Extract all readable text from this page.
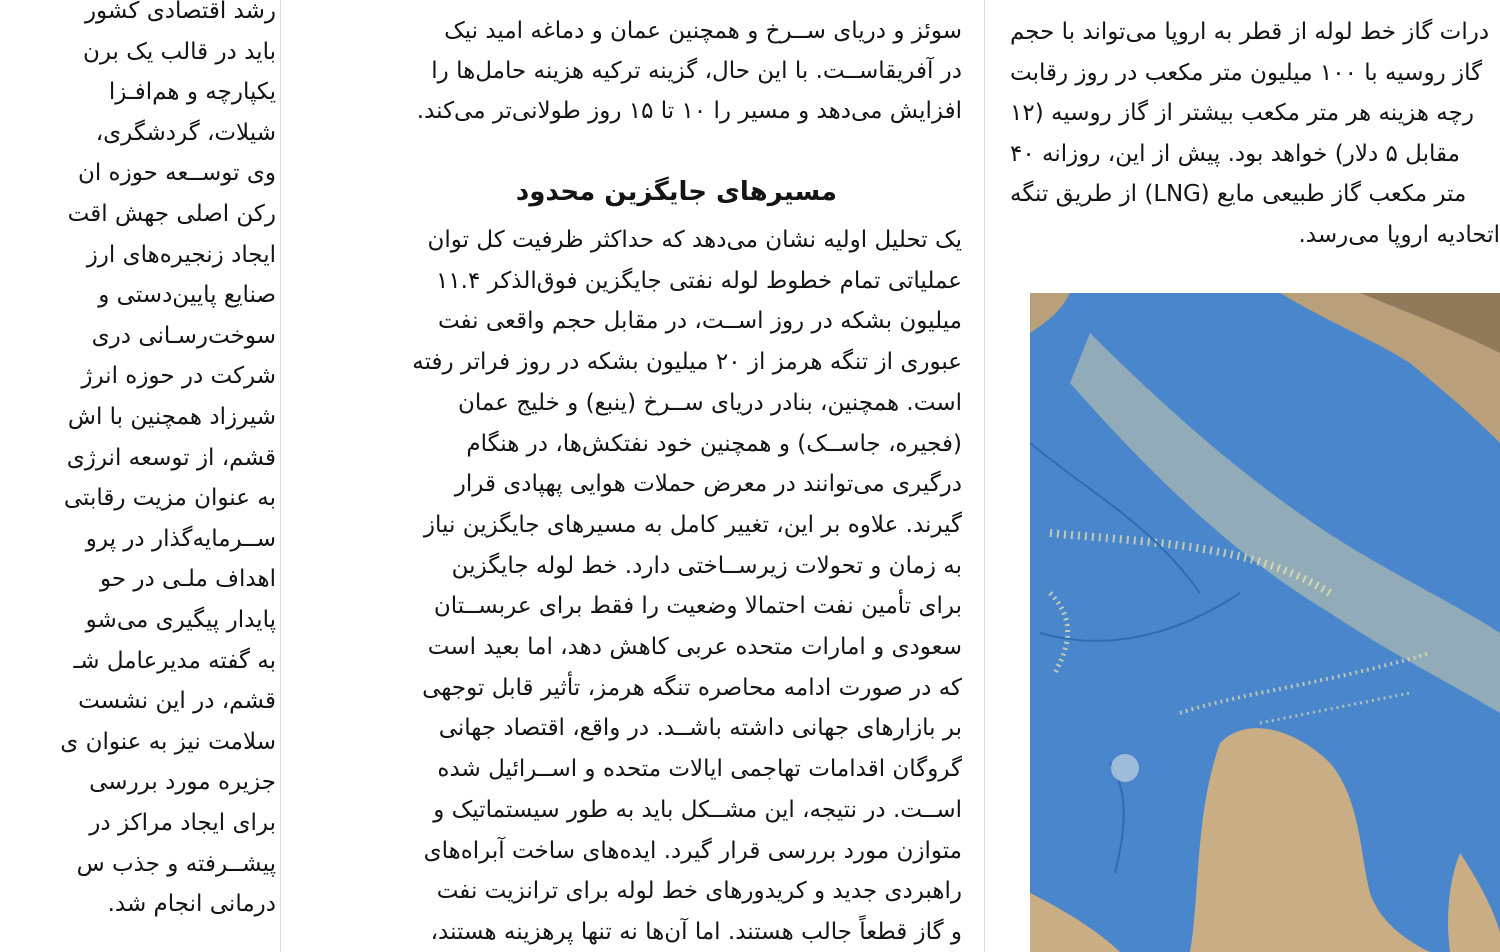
رشد اقتصادی کشور
باید در قالب یک برن
یکپارچه و هم‌افـزا
شیلات، گردشگری،
وی توســعه حوزه ان
رکن اصلی جهش اقت
ایجاد زنجیره‌های ارز
صنایع پایین‌دستی و
سوخت‌رسـانی دری
شرکت در حوزه انرژ
شیرزاد همچنین با اش
قشم، از توسعه انرژی
به عنوان مزیت رقابتی
ســرمایه‌گذار در پرو
اهداف ملـی در حو
پایدار پیگیری می‌شو
به گفته مدیرعامل شـ
قشم، در این نشست
سلامت نیز به عنوان ی
جزیره مورد بررسی
برای ایجاد مراکز در
پیشــرفته و جذب س
درمانی انجام شد.
سوئز و دریای ســرخ و همچنین عمان و دماغه امید نیک
در آفریقاســت. با این حال، گزینه ترکیه هزینه حامل‌ها را
افزایش می‌دهد و مسیر را ۱۰ تا ۱۵ روز طولانی‌تر می‌کند.
مسیرهای جایگزین محدود
یک تحلیل اولیه نشان می‌دهد که حداکثر ظرفیت کل توان
عملیاتی تمام خطوط لوله نفتی جایگزین فوق‌الذکر ۱۱.۴
میلیون بشکه در روز اســت، در مقابل حجم واقعی نفت
عبوری از تنگه هرمز از ۲۰ میلیون بشکه در روز فراتر رفته
است. همچنین، بنادر دریای ســرخ (ینبع) و خلیج عمان
(فجیره، جاســک) و همچنین خود نفتکش‌ها، در هنگام
درگیری می‌توانند در معرض حملات هوایی پهپادی قرار
گیرند. علاوه بر این، تغییر کامل به مسیرهای جایگزین نیاز
به زمان و تحولات زیرســاختی دارد. خط لوله جایگزین
برای تأمین نفت احتمالا وضعیت را فقط برای عربســتان
سعودی و امارات متحده عربی کاهش دهد، اما بعید است
که در صورت ادامه محاصره تنگه هرمز، تأثیر قابل توجهی
بر بازارهای جهانی داشته باشــد. در واقع، اقتصاد جهانی
گروگان اقدامات تهاجمی ایالات متحده و اســرائیل شده
اســت. در نتیجه، این مشــکل باید به طور سیستماتیک و
متوازن مورد بررسی قرار گیرد. ایده‌های ساخت آبراه‌های
راهبردی جدید و کریدورهای خط لوله برای ترانزیت نفت
و گاز قطعاً جالب هستند. اما آن‌ها نه تنها پرهزینه هستند،
درات گاز خط لوله از قطر به اروپا می‌تواند با حجم
گاز روسیه با ۱۰۰ میلیون متر مکعب در روز رقابت
رچه هزینه هر متر مکعب بیشتر از گاز روسیه (۱۲
مقابل ۵ دلار) خواهد بود. پیش از این، روزانه ۴۰
متر مکعب گاز طبیعی مایع (LNG) از طریق تنگه
اتحادیه اروپا می‌رسد.
